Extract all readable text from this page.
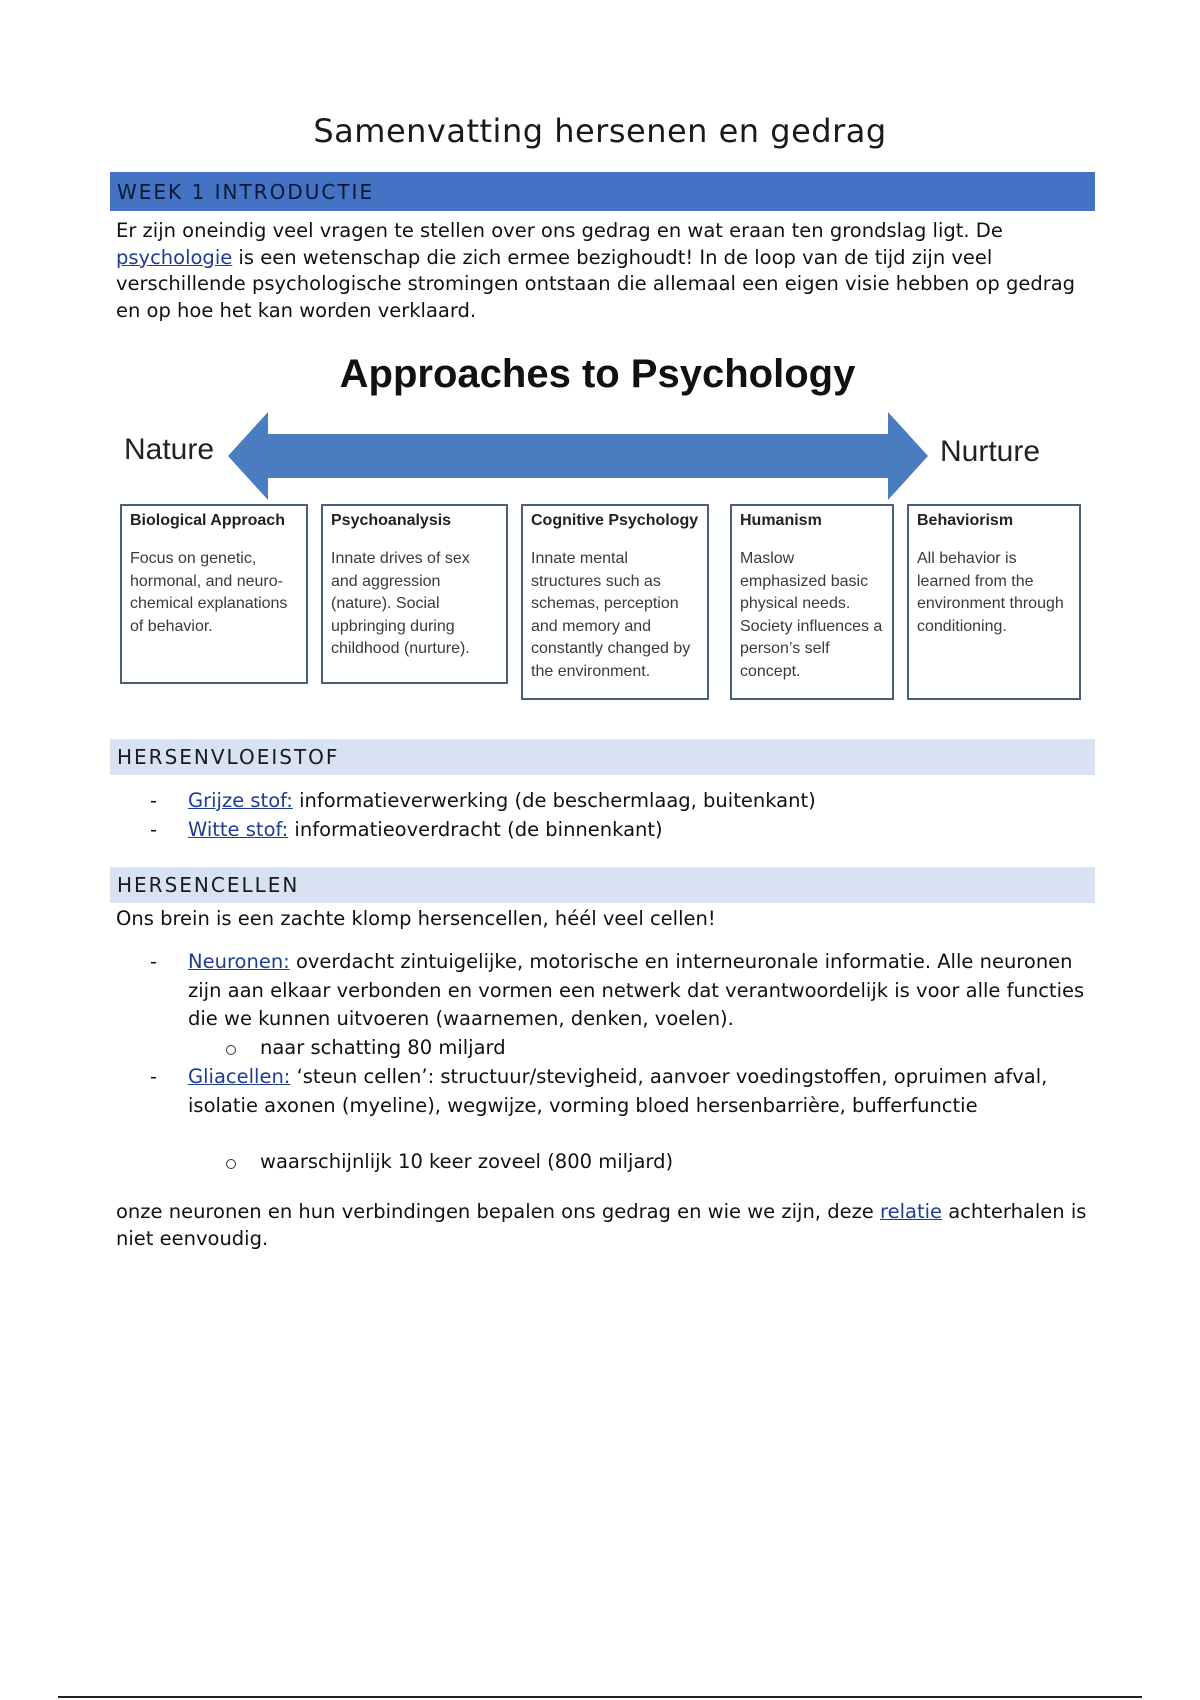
Samenvatting hersenen en gedrag
WEEK 1 INTRODUCTIE

Er zijn oneindig veel vragen te stellen over ons gedrag en wat eraan ten grondslag ligt. De psychologie is een wetenschap die zich ermee bezighoudt! In de loop van de tijd zijn veel verschillende psychologische stromingen ontstaan die allemaal een eigen visie hebben op gedrag en op hoe het kan worden verklaard.

Approaches to Psychology
Nature	Nurture
Biological Approach
Focus on genetic, hormonal, and neuro-chemical explanations of behavior.
Psychoanalysis
Innate drives of sex and aggression (nature). Social upbringing during childhood (nurture).
Cognitive Psychology
Innate mental structures such as schemas, perception and memory and constantly changed by the environment.
Humanism
Maslow emphasized basic physical needs. Society influences a person’s self concept.
Behaviorism
All behavior is learned from the environment through conditioning.
HERSENVLOEISTOF
- Grijze stof: informatieverwerking (de beschermlaag, buitenkant)
- Witte stof: informatieoverdracht (de binnenkant)
HERSENCELLEN

Ons brein is een zachte klomp hersencellen, héél veel cellen!

- Neuronen: overdacht zintuigelijke, motorische en interneuronale informatie. Alle neuronen zijn aan elkaar verbonden en vormen een netwerk dat verantwoordelijk is voor alle functies die we kunnen uitvoeren (waarnemen, denken, voelen).
naar schatting 80 miljard
- Gliacellen: ‘steun cellen’: structuur/stevigheid, aanvoer voedingstoffen, opruimen afval, isolatie axonen (myeline), wegwijze, vorming bloed hersenbarrière, bufferfunctie
waarschijnlijk 10 keer zoveel (800 miljard)

onze neuronen en hun verbindingen bepalen ons gedrag en wie we zijn, deze relatie achterhalen is niet eenvoudig.
